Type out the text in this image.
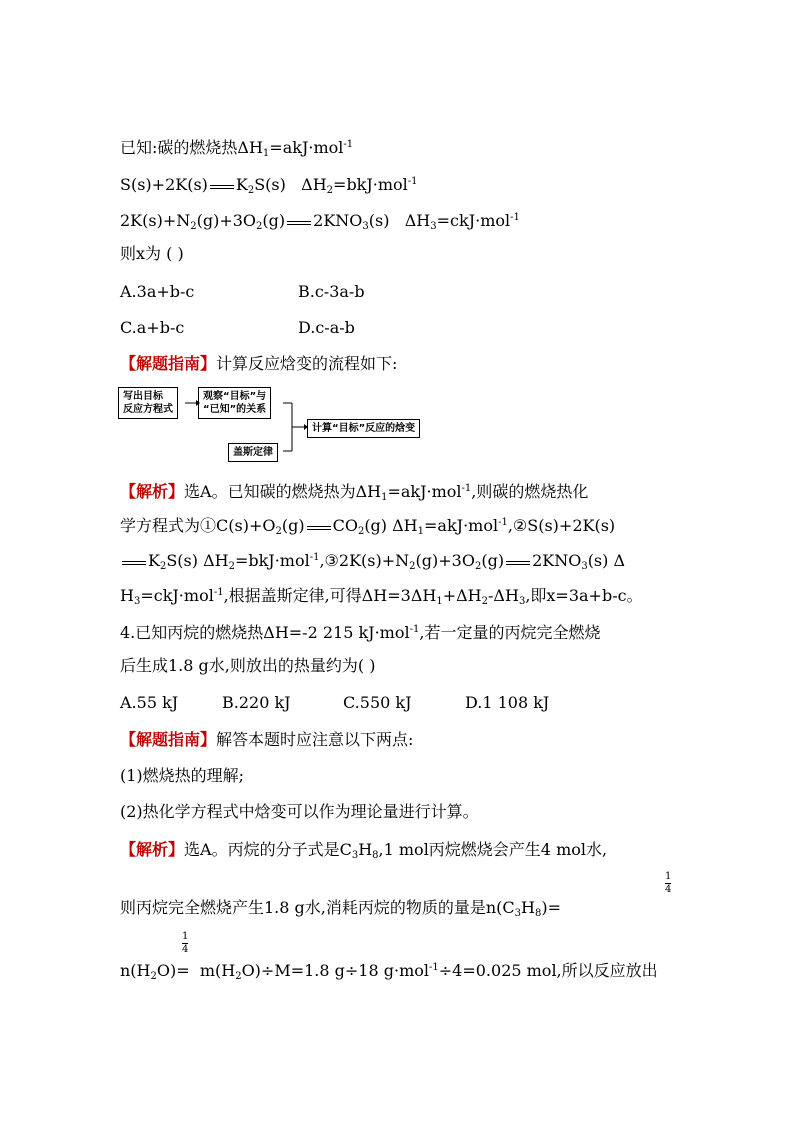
已知:碳的燃烧热$\Delta H_1=akJ\cdot mol^{-1}$
S(s)+2K(s) $K_2S(s)$ $\Delta H_2=bkJ\cdot mol^{-1}$
$2K(s)+N_2(g)+3O_2(g)$ $2KNO_3(s)$ $\Delta H_3=ckJ\cdot mol^{-1}$
则x为 ( )
A.3a+b-c	B.c-3a-b
C.a+b-c	D.c-a-b
【解题指南】计算反应焓变的流程如下:
写出目标
反应方程式
观察“目标”与
“已知”的关系
盖斯定律
计算“目标”反应的焓变
【解析】选A。已知碳的燃烧热为$\Delta H_1=akJ\cdot mol^{-1}$,则碳的燃烧热化
学方程式为$①C(s)+O_2(g)$ $CO_2(g)$ $\Delta H_1=akJ\cdot mol^{-1},②S(s)+2K(s)$
$K_2S(s)$ $\Delta H_2=bkJ\cdot mol^{-1},③2K(s)+N_2(g)+3O_2(g)$ $2KNO_3(s)$ Δ
$H_3=ckJ\cdot mol^{-1}$,根据盖斯定律,可得$\Delta H=3\Delta H_1+\Delta H_2-\Delta H_3$,即x=3a+b-c。
4.已知丙烷的燃烧热ΔH=-2 215 kJ·mol$^{-1}$,若一定量的丙烷完全燃烧
后生成1.8 g水,则放出的热量约为( )
A.55 kJ	B.220 kJ	C.550 kJ	D.1 108 kJ
【解题指南】解答本题时应注意以下两点:
(1)燃烧热的理解;
(2)热化学方程式中焓变可以作为理论量进行计算。
【解析】选A。丙烷的分子式是$C_3H_8,1$ mol丙烷燃烧会产生4 mol水,
1
4
则丙烷完全燃烧产生1.8 g水,消耗丙烷的物质的量是$n(C_3H_8)=$
1
4
$n(H_2O)= m(H_2O)\div M=1.8$ g÷18 g·mol$^{-1}$÷4=0.025 mol,所以反应放出
